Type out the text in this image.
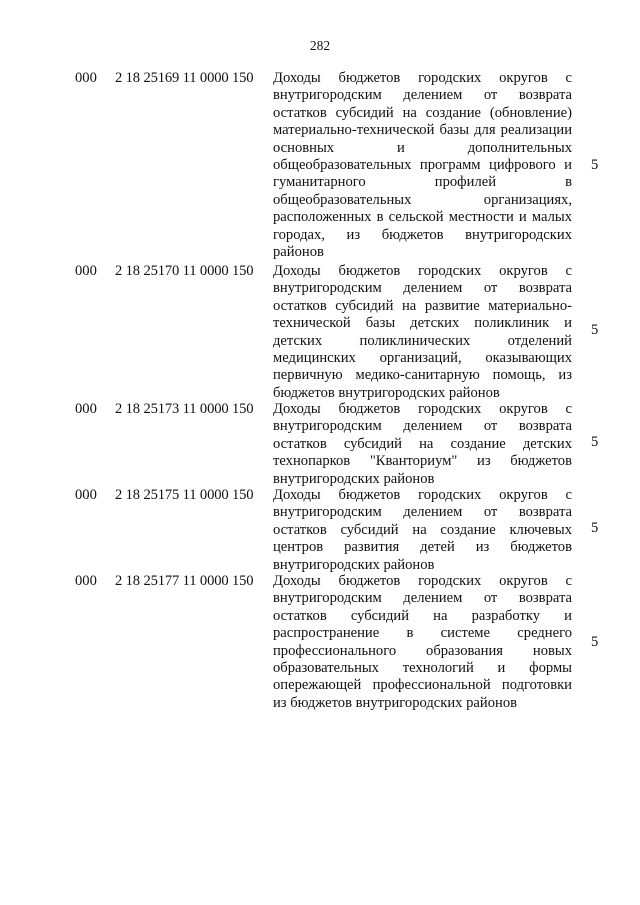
282
000 2 18 25169 11 0000 150 Доходы бюджетов городских округов с внутригородским делением от возврата остатков субсидий на создание (обновление) материально-технической базы для реализации основных и дополнительных общеобразовательных программ цифрового и гуманитарного профилей в общеобразовательных организациях, расположенных в сельской местности и малых городах, из бюджетов внутригородских районов
5
000 2 18 25170 11 0000 150 Доходы бюджетов городских округов с внутригородским делением от возврата остатков субсидий на развитие материально-технической базы детских поликлиник и детских поликлинических отделений медицинских организаций, оказывающих первичную медико-санитарную помощь, из бюджетов внутригородских районов
5
000 2 18 25173 11 0000 150 Доходы бюджетов городских округов с внутригородским делением от возврата остатков субсидий на создание детских технопарков "Кванториум" из бюджетов внутригородских районов
5
000 2 18 25175 11 0000 150 Доходы бюджетов городских округов с внутригородским делением от возврата остатков субсидий на создание ключевых центров развития детей из бюджетов внутригородских районов
5
000 2 18 25177 11 0000 150 Доходы бюджетов городских округов с внутригородским делением от возврата остатков субсидий на разработку и распространение в системе среднего профессионального образования новых образовательных технологий и формы опережающей профессиональной подготовки из бюджетов внутригородских районов
5
